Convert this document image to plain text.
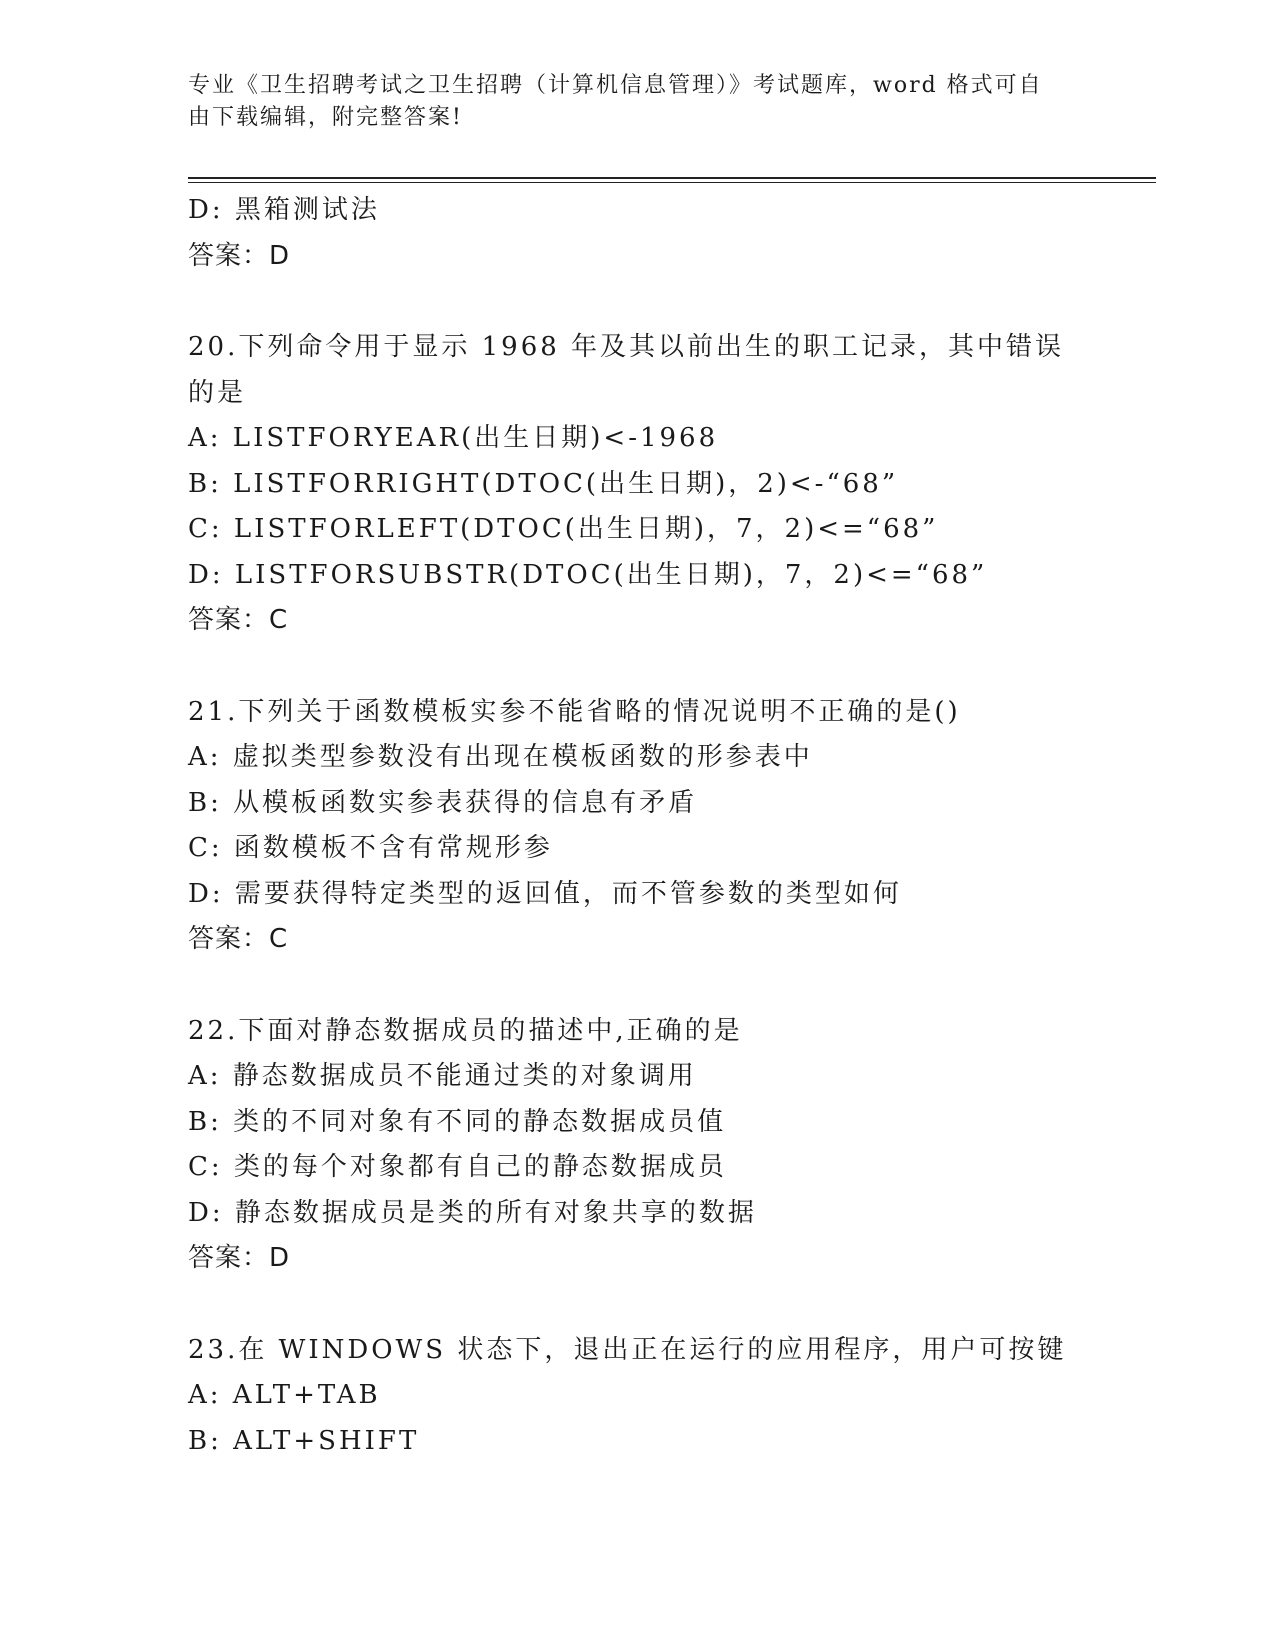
专业《卫生招聘考试之卫生招聘（计算机信息管理）》考试题库，word 格式可自
由下载编辑，附完整答案!
D: 黑箱测试法
答案：D
20.下列命令用于显示 1968 年及其以前出生的职工记录，其中错误的是
A: LISTFORYEAR(出生日期)<-1968
B: LISTFORRIGHT(DTOC(出生日期)，2)<-“68”
C: LISTFORLEFT(DTOC(出生日期)，7，2)<=“68”
D: LISTFORSUBSTR(DTOC(出生日期)，7，2)<=“68”
答案：C
21.下列关于函数模板实参不能省略的情况说明不正确的是()
A: 虚拟类型参数没有出现在模板函数的形参表中
B: 从模板函数实参表获得的信息有矛盾
C: 函数模板不含有常规形参
D: 需要获得特定类型的返回值，而不管参数的类型如何
答案：C
22.下面对静态数据成员的描述中,正确的是
A: 静态数据成员不能通过类的对象调用
B: 类的不同对象有不同的静态数据成员值
C: 类的每个对象都有自己的静态数据成员
D: 静态数据成员是类的所有对象共享的数据
答案：D
23.在 WINDOWS 状态下，退出正在运行的应用程序，用户可按键
A: ALT+TAB
B: ALT+SHIFT
